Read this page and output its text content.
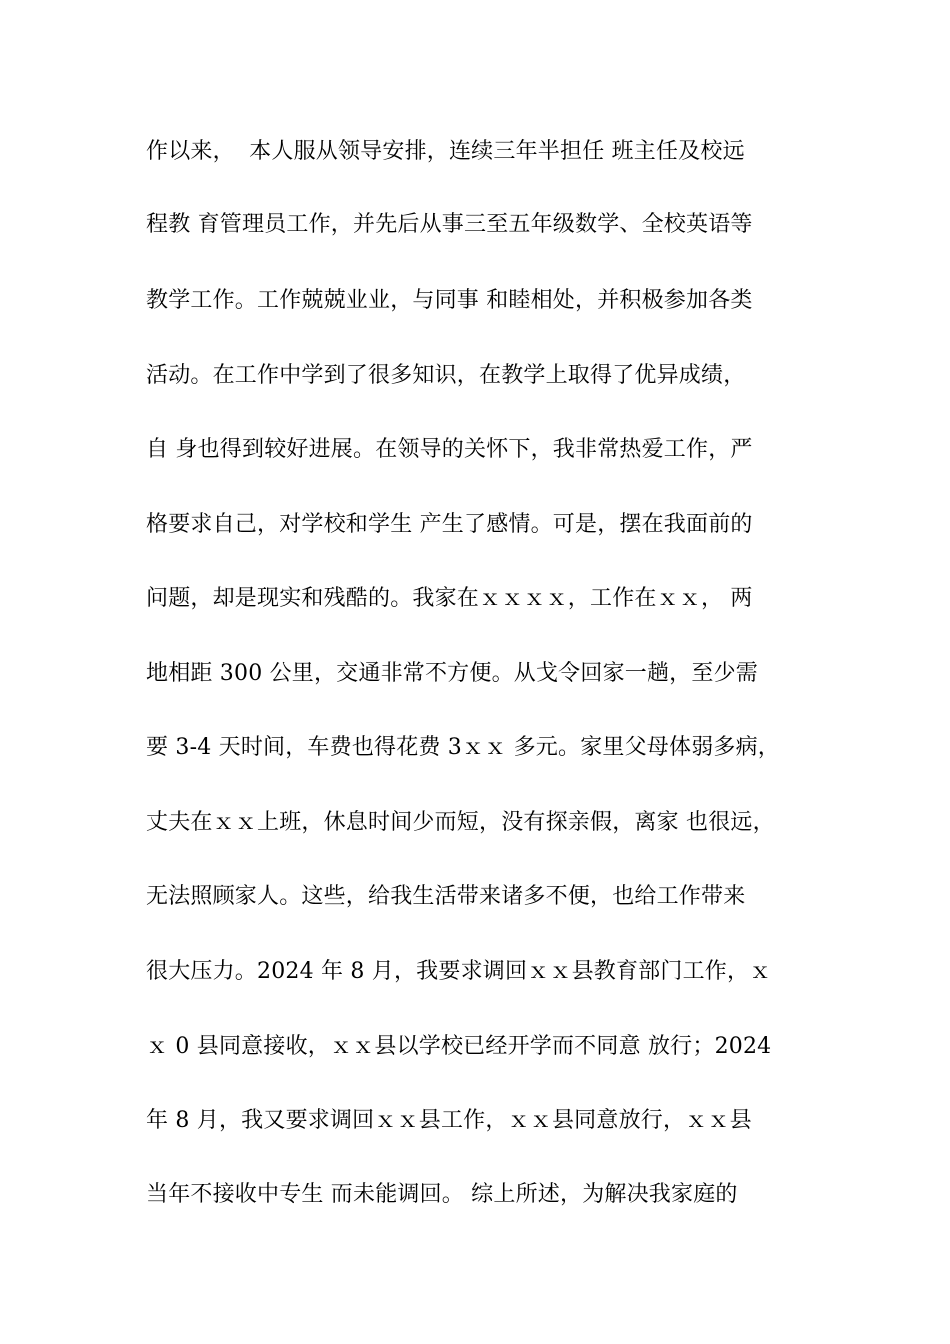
作以来，  本人服从领导安排，连续三年半担任 班主任及校远
程教 育管理员工作，并先后从事三至五年级数学、全校英语等
教学工作。工作兢兢业业，与同事 和睦相处，并积极参加各类
活动。在工作中学到了很多知识，在教学上取得了优异成绩，
自 身也得到较好进展。在领导的关怀下，我非常热爱工作，严
格要求自己，对学校和学生 产生了感情。可是，摆在我面前的
问题，却是现实和残酷的。我家在ｘｘｘｘ，工作在ｘｘ， 两
地相距 300 公里，交通非常不方便。从戈令回家一趟，至少需
要 3-4 天时间，车费也得花费 3ｘｘ 多元。家里父母体弱多病，
丈夫在ｘｘ上班，休息时间少而短，没有探亲假，离家 也很远，
无法照顾家人。这些，给我生活带来诸多不便，也给工作带来
很大压力。2024 年 8 月，我要求调回ｘｘ县教育部门工作，ｘ
ｘ 0 县同意接收，ｘｘ县以学校已经开学而不同意 放行；2024
年 8 月，我又要求调回ｘｘ县工作，ｘｘ县同意放行，ｘｘ县
当年不接收中专生 而未能调回。 综上所述，为解决我家庭的
